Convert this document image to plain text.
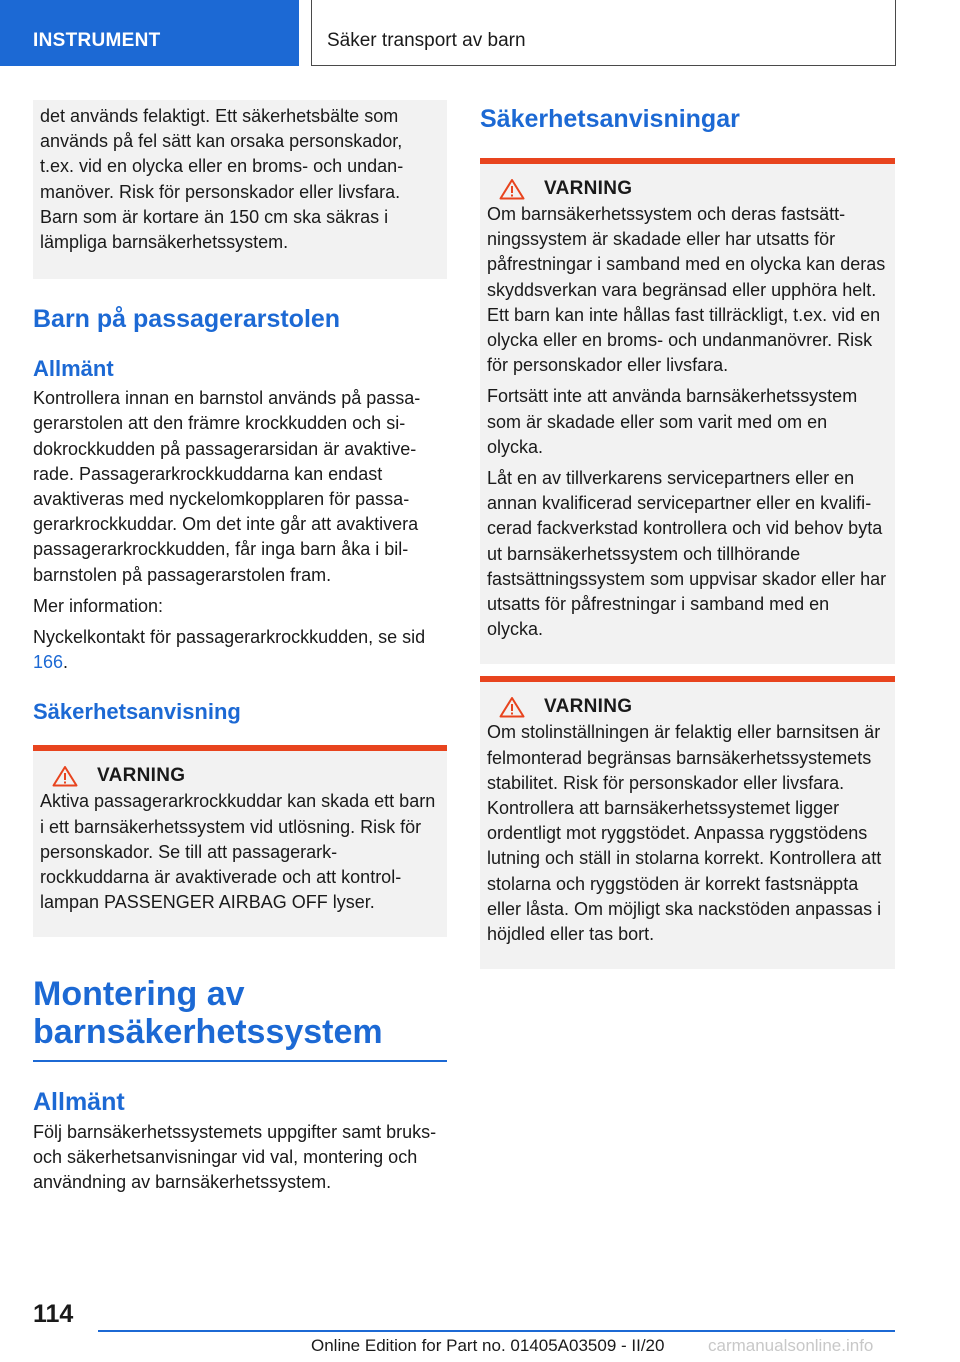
INSTRUMENT	Säker transport av barn

det används felaktigt. Ett säkerhetsbälte som används på fel sätt kan orsaka personskador, t.ex. vid en olycka eller en broms- och undanmanöver. Risk för personskador eller livsfara. Barn som är kortare än 150 cm ska säkras i lämpliga barnsäkerhetssystem.

Barn på passagerarstolen
Allmänt

Kontrollera innan en barnstol används på passagerarstolen att den främre krockkudden och sidokrockkudden på passagerarsidan är avaktiverade. Passagerarkrockkuddarna kan endast avaktiveras med nyckelomkopplaren för passagerarkrockkuddar. Om det inte går att avaktivera passagerarkrockkudden, får inga barn åka i bilbarnstolen på passagerarstolen fram.

Mer information:

Nyckelkontakt för passagerarkrockkudden, se sid 166.

Säkerhetsanvisning
VARNING

Aktiva passagerarkrockkuddar kan skada ett barn i ett barnsäkerhetssystem vid utlösning. Risk för personskador. Se till att passagerarkrockkuddarna är avaktiverade och att kontrollampan PASSENGER AIRBAG OFF lyser.

Montering av
barnsäkerhetssystem
Allmänt

Följ barnsäkerhetssystemets uppgifter samt bruks- och säkerhetsanvisningar vid val, montering och användning av barnsäkerhetssystem.

Säkerhetsanvisningar
VARNING

Om barnsäkerhetssystem och deras fastsättningssystem är skadade eller har utsatts för påfrestningar i samband med en olycka kan deras skyddsverkan vara begränsad eller upphöra helt. Ett barn kan inte hållas fast tillräckligt, t.ex. vid en olycka eller en broms- och undanmanövrer. Risk för personskador eller livsfara.

Fortsätt inte att använda barnsäkerhetssystem som är skadade eller som varit med om en olycka.

Låt en av tillverkarens servicepartners eller en annan kvalificerad servicepartner eller en kvalificerad fackverkstad kontrollera och vid behov byta ut barnsäkerhetssystem och tillhörande fastsättningssystem som uppvisar skador eller har utsatts för påfrestningar i samband med en olycka.

VARNING

Om stolinställningen är felaktig eller barnsitsen är felmonterad begränsas barnsäkerhetssystemets stabilitet. Risk för personskador eller livsfara. Kontrollera att barnsäkerhetssystemet ligger ordentligt mot ryggstödet. Anpassa ryggstödens lutning och ställ in stolarna korrekt. Kontrollera att stolarna och ryggstöden är korrekt fastsnäppta eller låsta. Om möjligt ska nackstöden anpassas i höjdled eller tas bort.

114
Online Edition for Part no. 01405A03509 - II/20	carmanualsonline.info
